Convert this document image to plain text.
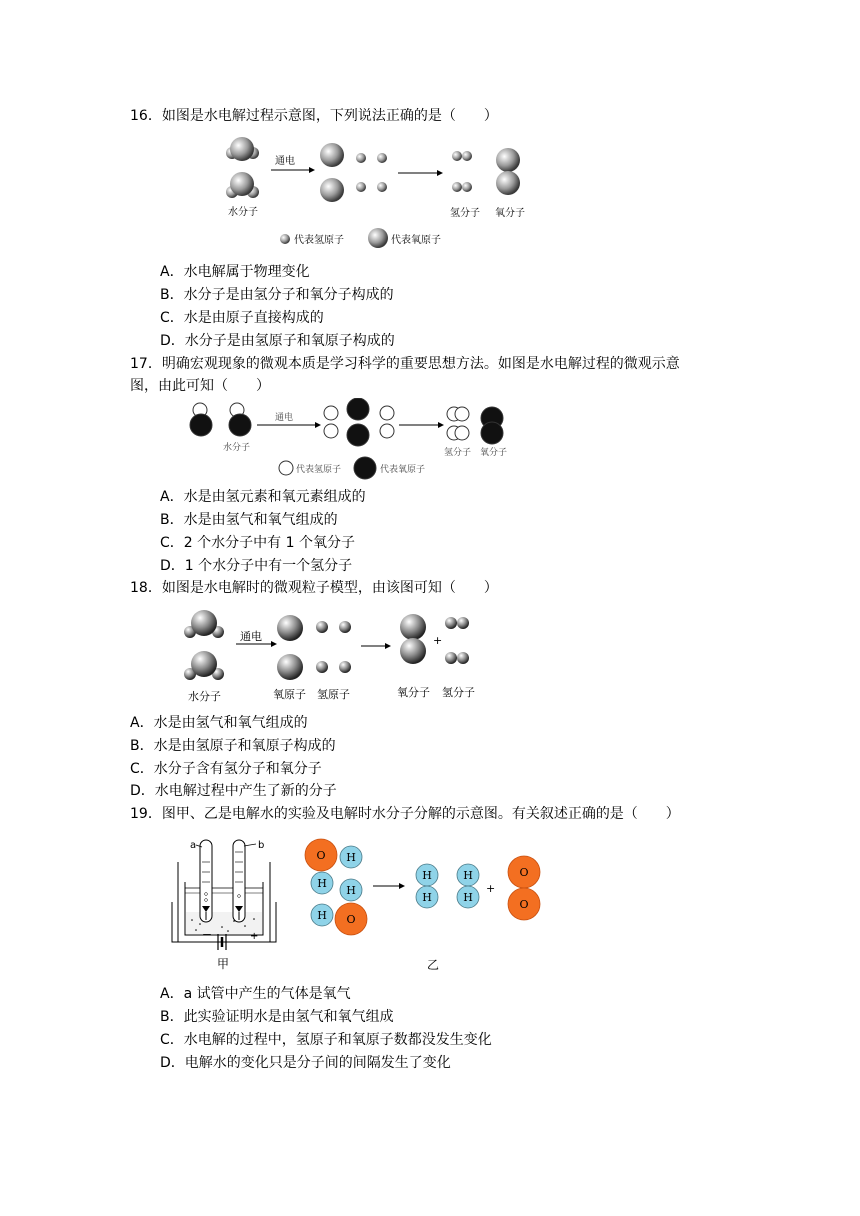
16．如图是水电解过程示意图，下列说法正确的是（　　）
水分子
通电
氢分子 氧分子
代表氢原子	代表氧原子
A．水电解属于物理变化
B．水分子是由氢分子和氧分子构成的
C．水是由原子直接构成的
D．水分子是由氢原子和氧原子构成的
17．明确宏观现象的微观本质是学习科学的重要思想方法。如图是水电解过程的微观示意
图，由此可知（　　）
通电
水分子	氢分子 氧分子
代表氢原子	代表氧原子
A．水是由氢元素和氧元素组成的
B．水是由氢气和氧气组成的
C．2 个水分子中有 1 个氧分子
D．1 个水分子中有一个氢分子
18．如图是水电解时的微观粒子模型，由该图可知（　　）
水分子
通电
氧原子 氢原子
+
氧分子 氢分子
A．水是由氢气和氧气组成的
B．水是由氢原子和氧原子构成的
C．水分子含有氢分子和氧分子
D．水电解过程中产生了新的分子
19．图甲、乙是电解水的实验及电解时水分子分解的示意图。有关叙述正确的是（　　）
a	b
－	+
甲
O H
H
H
H O
H
H
H
H
O
O
+
乙
A．a 试管中产生的气体是氧气
B．此实验证明水是由氢气和氧气组成
C．水电解的过程中，氢原子和氧原子数都没发生变化
D．电解水的变化只是分子间的间隔发生了变化
